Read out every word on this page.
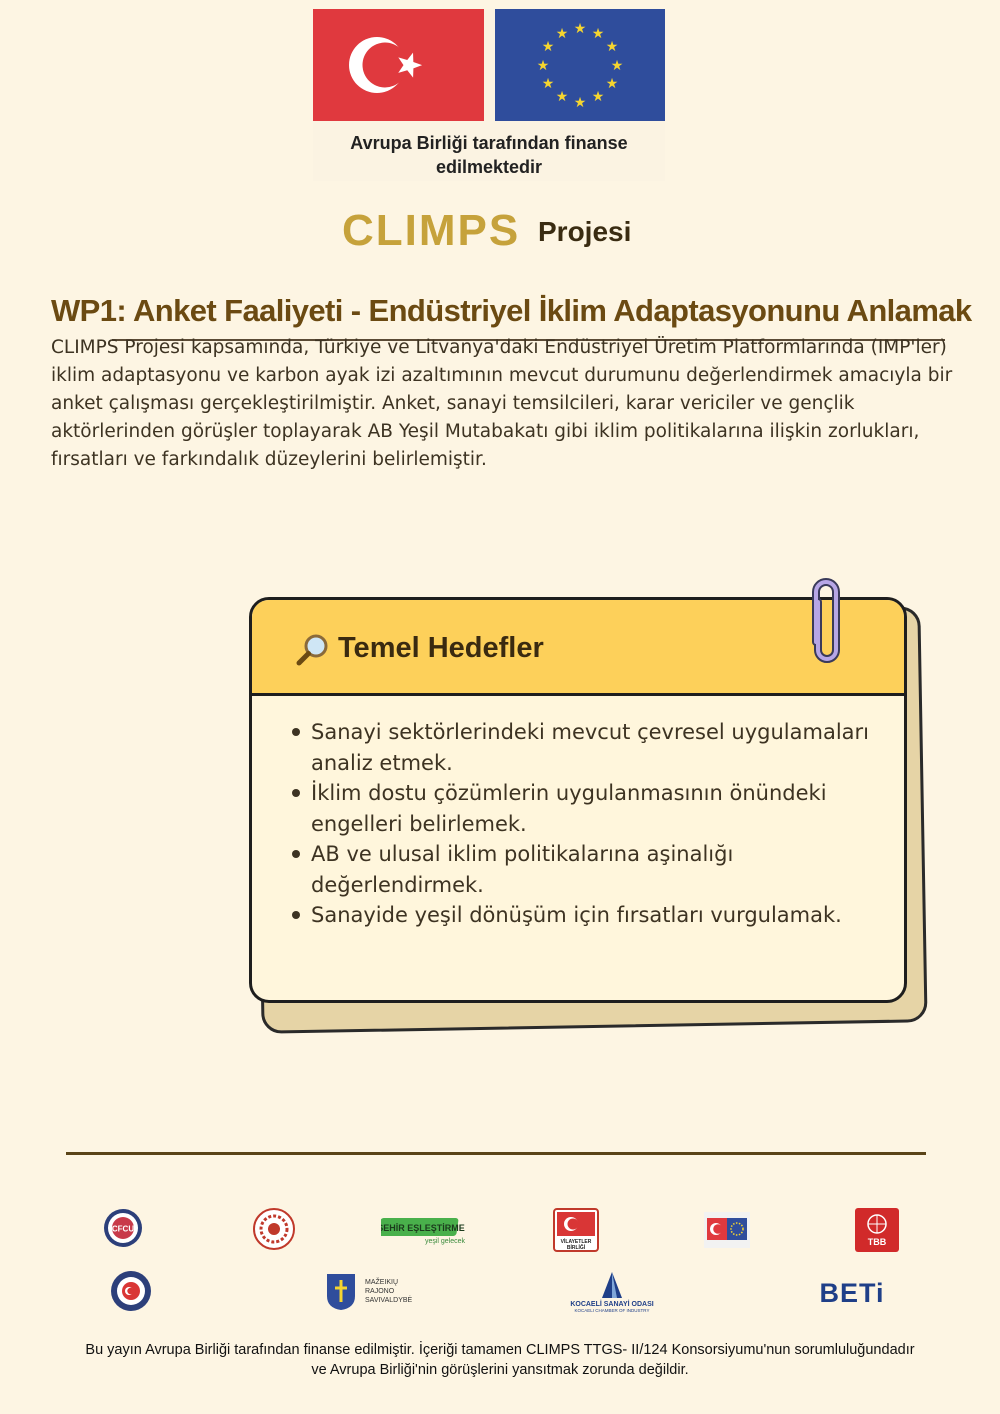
★ ★
★
★
★
★
★
★
★
★
★
★
Avrupa Birliği tarafından finanse edilmektedir
CLIMPS Projesi
WP1: Anket Faaliyeti - Endüstriyel İklim Adaptasyonunu Anlamak

CLIMPS Projesi kapsamında, Türkiye ve Litvanya'daki Endüstriyel Üretim Platformlarında (IMP'ler) iklim adaptasyonu ve karbon ayak izi azaltımının mevcut durumunu değerlendirmek amacıyla bir anket çalışması gerçekleştirilmiştir. Anket, sanayi temsilcileri, karar vericiler ve gençlik aktörlerinden görüşler toplayarak AB Yeşil Mutabakatı gibi iklim politikalarına ilişkin zorlukları, fırsatları ve farkındalık düzeylerini belirlemiştir.

Temel Hedefler
Sanayi sektörlerindeki mevcut çevresel uygulamaları analiz etmek.
İklim dostu çözümlerin uygulanmasının önündeki engelleri belirlemek.
AB ve ulusal iklim politikalarına aşinalığı değerlendirmek.
Sanayide yeşil dönüşüm için fırsatları vurgulamak.
CFCU	ŞEHİR EŞLEŞTİRME
yeşil gelecek	VİLAYETLER
BİRLİĞİ
TBB
MAŽEIKIŲ
RAJONO
SAVIVALDYBĖ
KOCAELİ SANAYİ ODASI
KOCAELI CHAMBER OF INDUSTRY
BETi

Bu yayın Avrupa Birliği tarafından finanse edilmiştir. İçeriği tamamen CLIMPS TTGS- II/124 Konsorsiyumu'nun sorumluluğundadır ve Avrupa Birliği'nin görüşlerini yansıtmak zorunda değildir.
